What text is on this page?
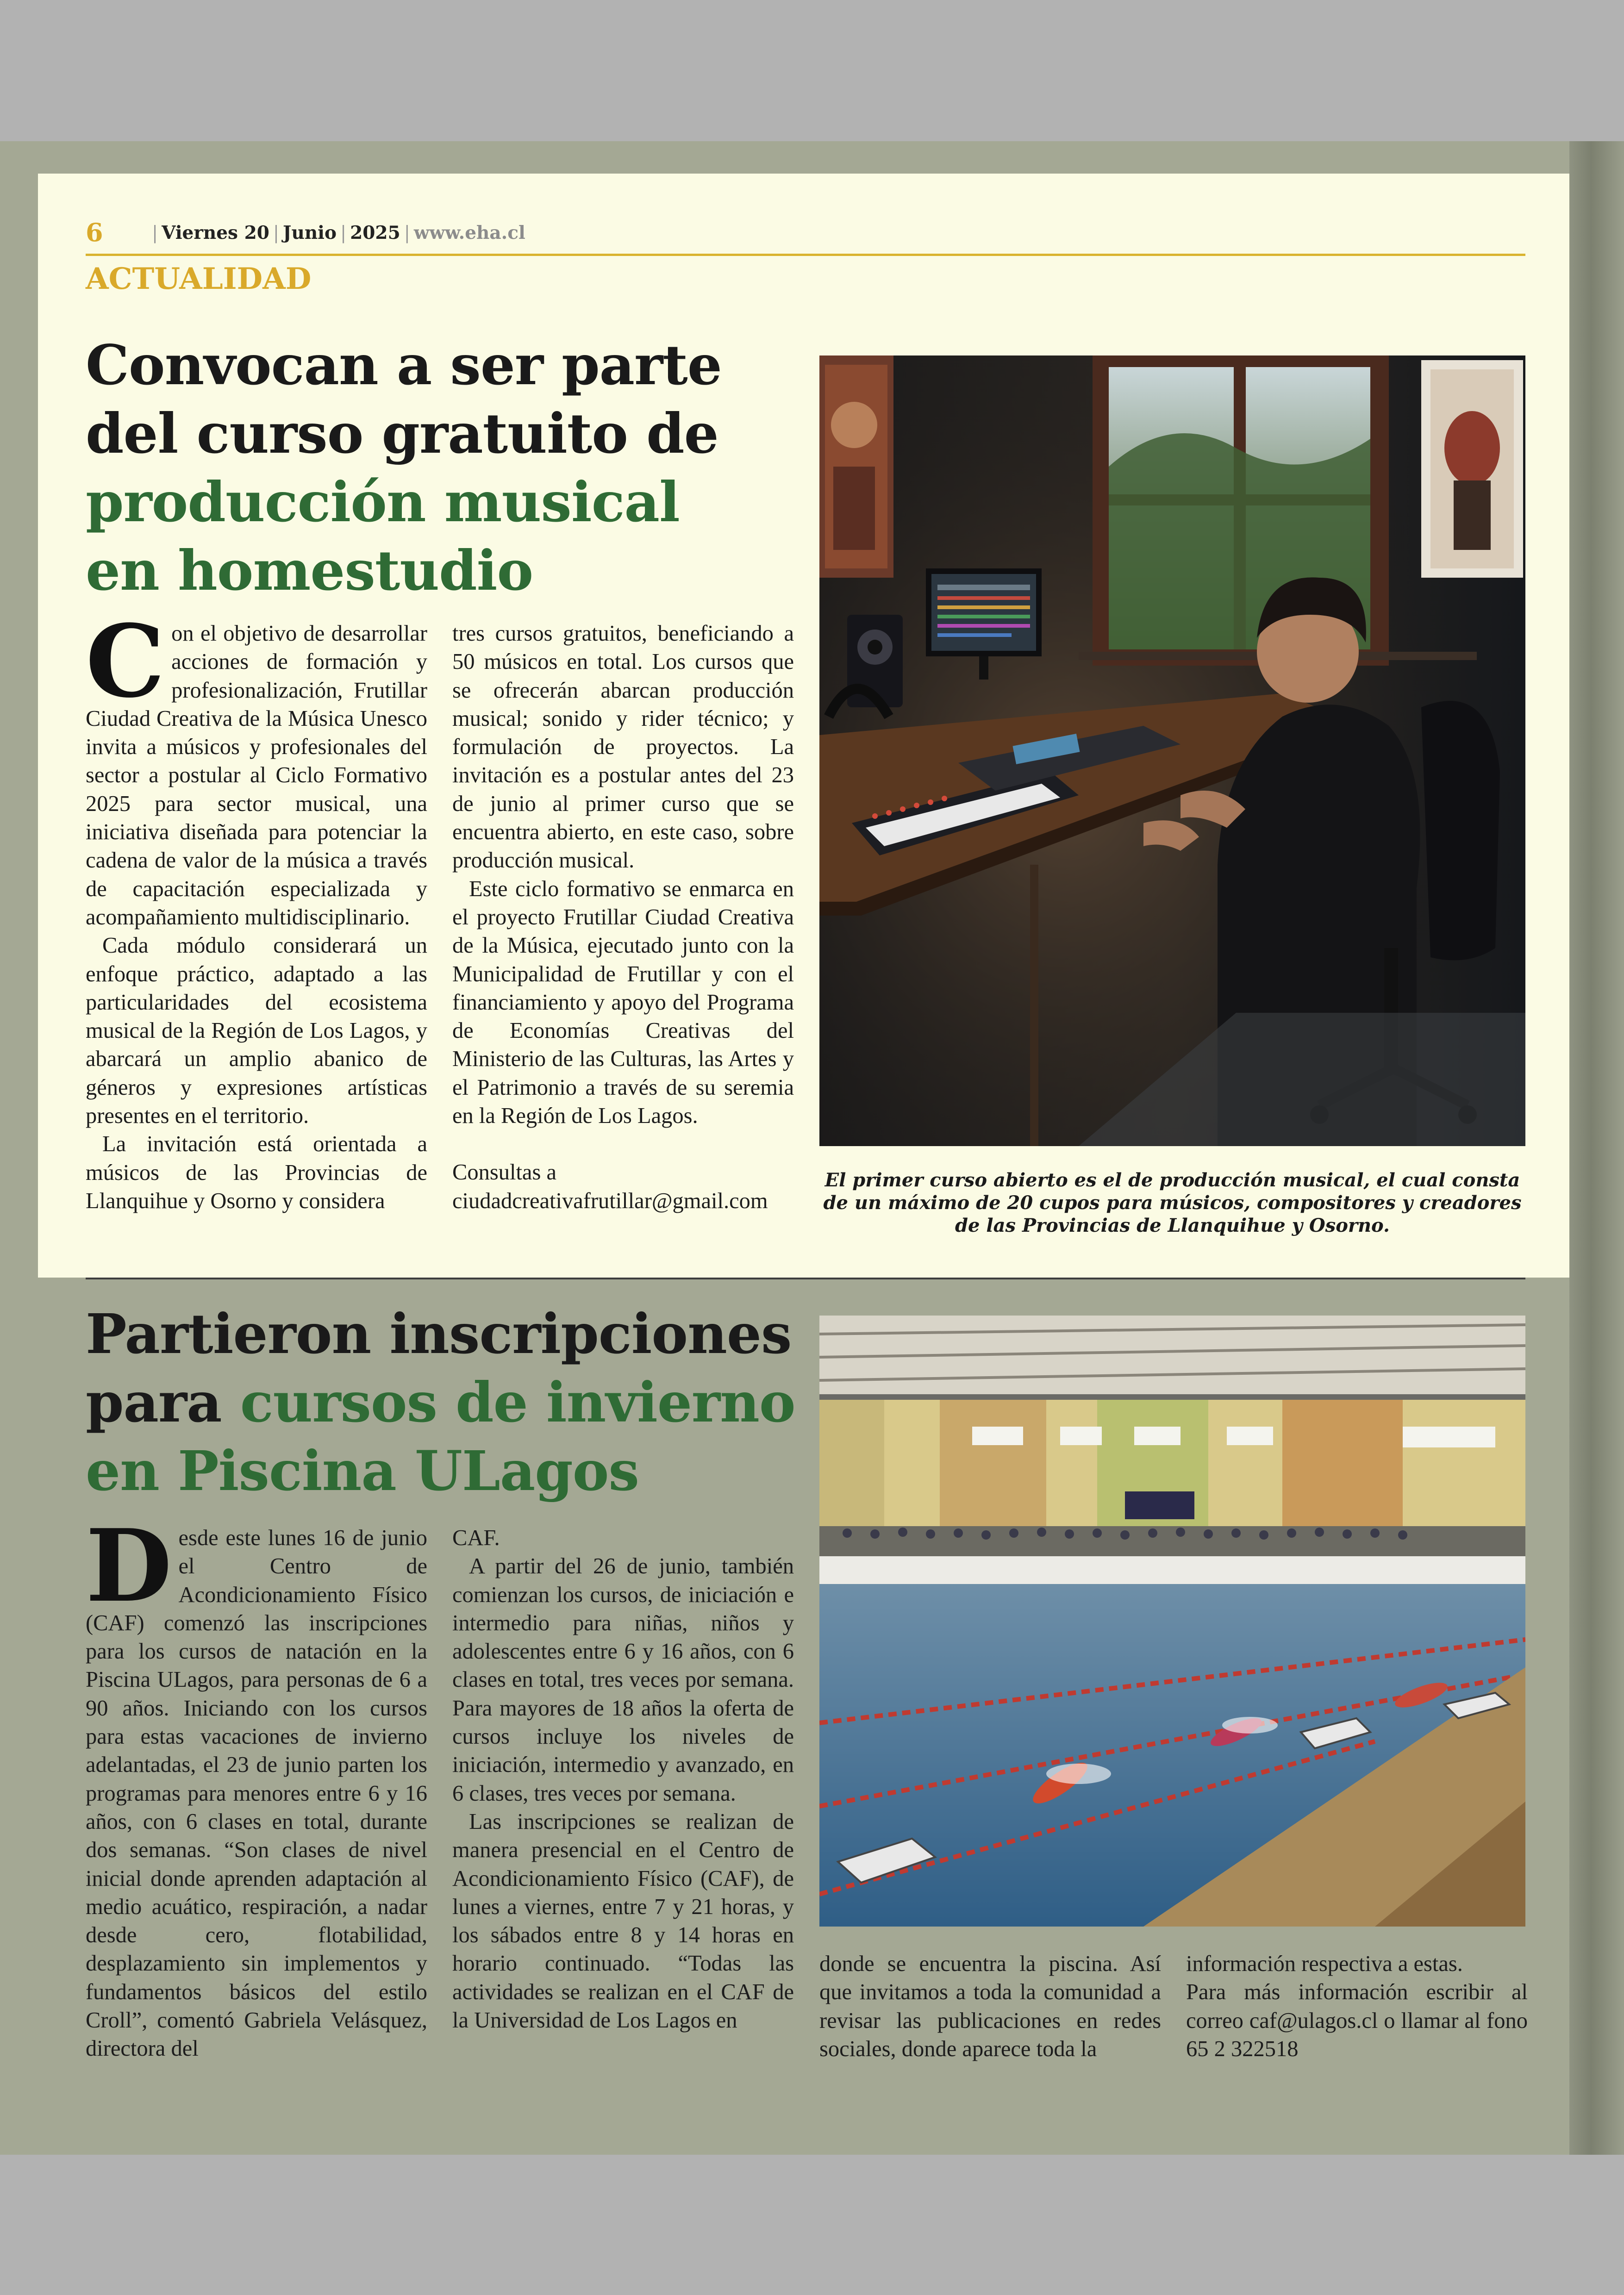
6	| Viernes 20 | Junio | 2025 | www.eha.cl
ACTUALIDAD
Convocan a ser parte
del curso gratuito de
producción musical
en homestudio

Con el objetivo de desarrollar acciones de formación y profesionalización, Frutillar Ciudad Creativa de la Música Unesco invita a músicos y profesionales del sector a postular al Ciclo Formativo 2025 para sector musical, una iniciativa diseñada para potenciar la cadena de valor de la música a través de capacitación especializada y acompañamiento multidisciplinario.

Cada módulo considerará un enfoque práctico, adaptado a las particularidades del ecosistema musical de la Región de Los Lagos, y abarcará un amplio abanico de géneros y expresiones artísticas presentes en el territorio.

La invitación está orientada a músicos de las Provincias de Llanquihue y Osorno y considera

tres cursos gratuitos, beneficiando a 50 músicos en total. Los cursos que se ofrecerán abarcan producción musical; sonido y rider técnico; y formulación de proyectos. La invitación es a postular antes del 23 de junio al primer curso que se encuentra abierto, en este caso, sobre producción musical.

Este ciclo formativo se enmarca en el proyecto Frutillar Ciudad Creativa de la Música, ejecutado junto con la Municipalidad de Frutillar y con el financiamiento y apoyo del Programa de Economías Creativas del Ministerio de las Culturas, las Artes y el Patrimonio a través de su seremia en la Región de Los Lagos.

Consultas a

ciudadcreativafrutillar@gmail.com

El primer curso abierto es el de producción musical, el cual consta de un máximo de 20 cupos para músicos, compositores y creadores de las Provincias de Llanquihue y Osorno.
Partieron inscripciones
para cursos de invierno
en Piscina ULagos

Desde este lunes 16 de junio el Centro de Acondicionamiento Físico (CAF) comenzó las inscripciones para los cursos de natación en la Piscina ULagos, para personas de 6 a 90 años. Iniciando con los cursos para estas vacaciones de invierno adelantadas, el 23 de junio parten los programas para menores entre 6 y 16 años, con 6 clases en total, durante dos semanas. “Son clases de nivel inicial donde aprenden adaptación al medio acuático, respiración, a nadar desde cero, flotabilidad, desplazamiento sin implementos y fundamentos básicos del estilo Croll”, comentó Gabriela Velásquez, directora del

CAF.

A partir del 26 de junio, también comienzan los cursos, de iniciación e intermedio para niñas, niños y adolescentes entre 6 y 16 años, con 6 clases en total, tres veces por semana. Para mayores de 18 años la oferta de cursos incluye los niveles de iniciación, intermedio y avanzado, en 6 clases, tres veces por semana.

Las inscripciones se realizan de manera presencial en el Centro de Acondicionamiento Físico (CAF), de lunes a viernes, entre 7 y 21 horas, y los sábados entre 8 y 14 horas en horario continuado. “Todas las actividades se realizan en el CAF de la Universidad de Los Lagos en

donde se encuentra la piscina. Así que invitamos a toda la comunidad a revisar las publicaciones en redes sociales, donde aparece toda la

información respectiva a estas.

Para más información escribir al correo caf@ulagos.cl o llamar al fono 65 2 322518
